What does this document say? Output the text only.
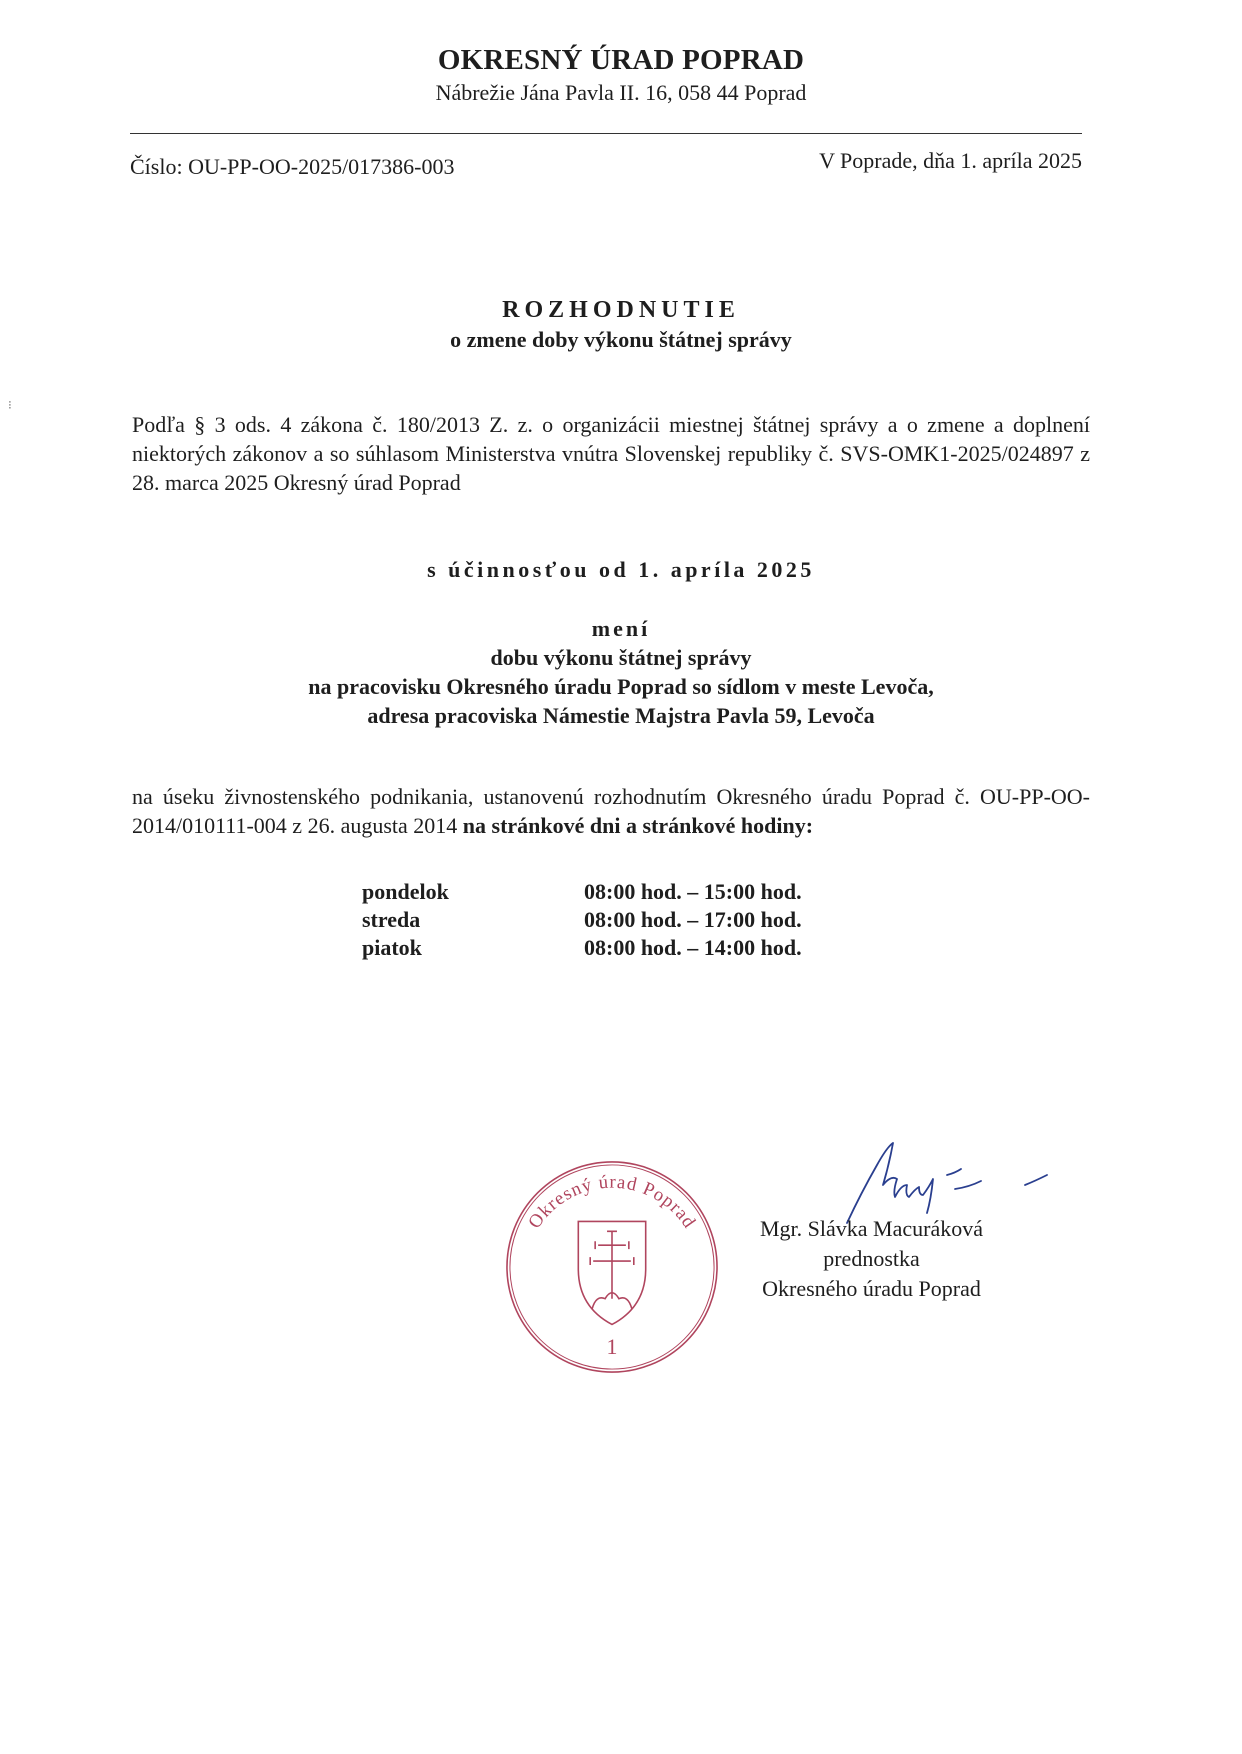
⁝
OKRESNÝ ÚRAD POPRAD
Nábrežie Jána Pavla II. 16, 058 44 Poprad
Číslo: OU-PP-OO-2025/017386-003	V Poprade, dňa 1. apríla 2025
ROZHODNUTIE
o zmene doby výkonu štátnej správy
Podľa § 3 ods. 4 zákona č. 180/2013 Z. z. o organizácii miestnej štátnej správy a o zmene a doplnení niektorých zákonov a so súhlasom Ministerstva vnútra Slovenskej republiky č. SVS-OMK1-2025/024897 z 28. marca 2025 Okresný úrad Poprad
s účinnosťou od 1. apríla 2025
mení
dobu výkonu štátnej správy
na pracovisku Okresného úradu Poprad so sídlom v meste Levoča,
adresa pracoviska Námestie Majstra Pavla 59, Levoča
na úseku živnostenského podnikania, ustanovenú rozhodnutím Okresného úradu Poprad č. OU-PP-OO-2014/010111-004 z 26. augusta 2014 na stránkové dni a stránkové hodiny:
pondelok	08:00 hod. – 15:00 hod.
streda	08:00 hod. – 17:00 hod.
piatok	08:00 hod. – 14:00 hod.
Okresný úrad Poprad
1
Mgr. Slávka Macuráková
prednostka
Okresného úradu Poprad
